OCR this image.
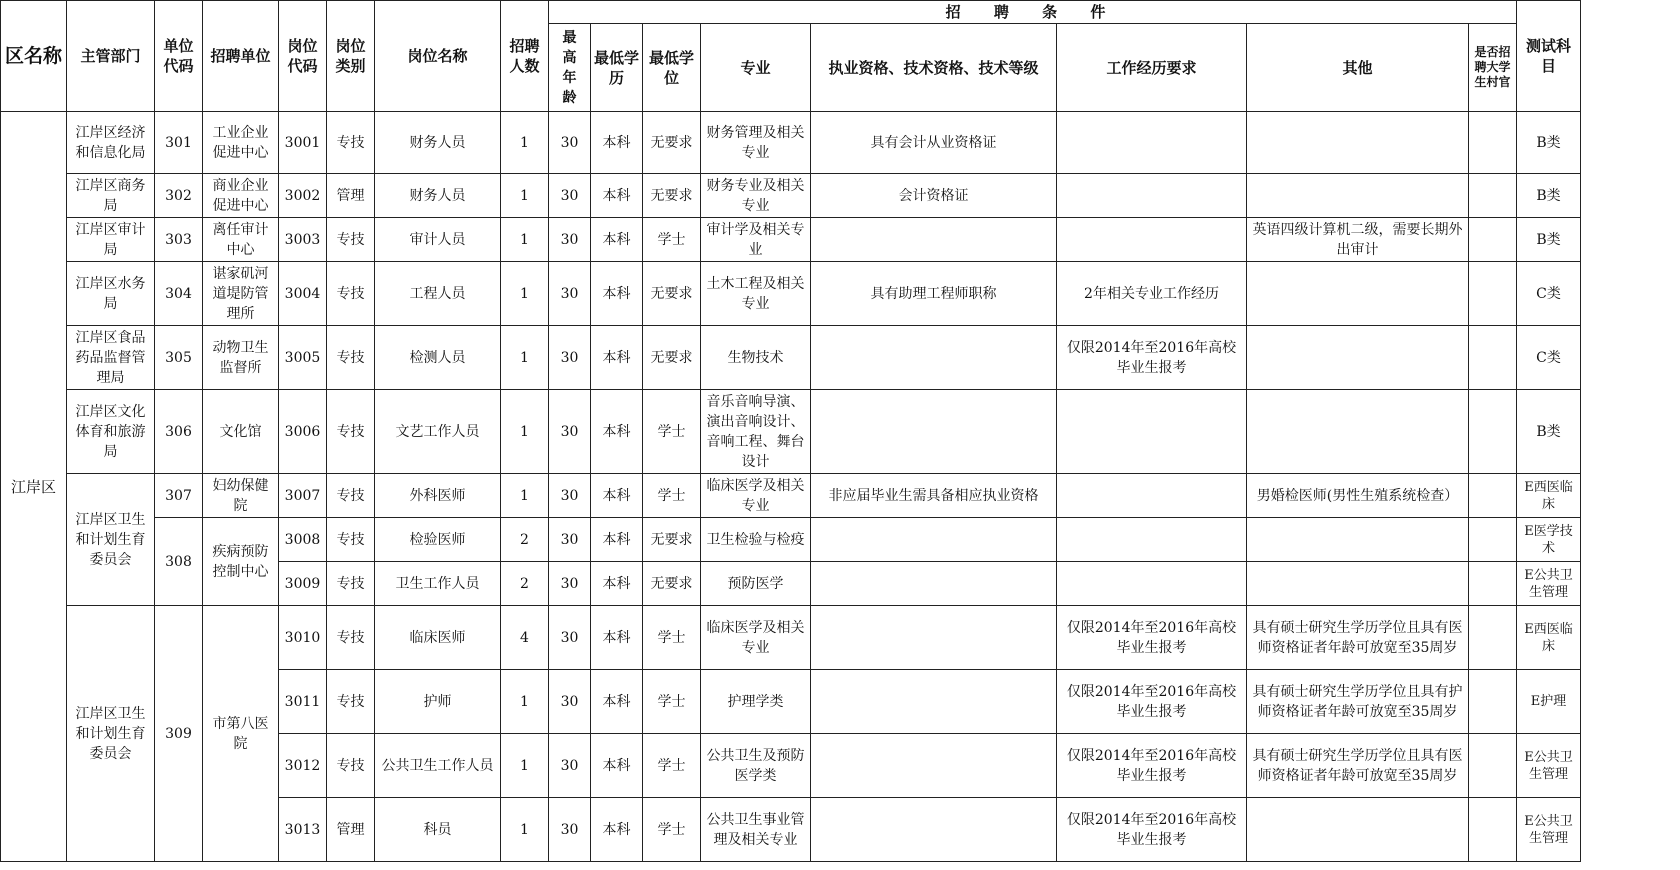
区名称	主管部门	单位代码	招聘单位	岗位代码	岗位类别	岗位名称	招聘人数	招 聘 条 件								测试科目

								最高年龄	最低学历	最低学位	专业	执业资格、技术资格、技术等级	工作经历要求	其他	是否招聘大学生村官	
江岸区	江岸区经济和信息化局	301	工业企业促进中心	3001	专技	财务人员	1	30	本科	无要求	财务管理及相关专业	具有会计从业资格证				B类
	江岸区商务局	302	商业企业促进中心	3002	管理	财务人员	1	30	本科	无要求	财务专业及相关专业	会计资格证				B类
	江岸区审计局	303	离任审计中心	3003	专技	审计人员	1	30	本科	学士	审计学及相关专业			英语四级计算机二级，需要长期外出审计		B类
	江岸区水务局	304	谌家矶河道堤防管理所	3004	专技	工程人员	1	30	本科	无要求	土木工程及相关专业	具有助理工程师职称	2年相关专业工作经历			C类
	江岸区食品药品监督管理局	305	动物卫生监督所	3005	专技	检测人员	1	30	本科	无要求	生物技术		仅限2014年至2016年高校毕业生报考			C类
	江岸区文化体育和旅游局	306	文化馆	3006	专技	文艺工作人员	1	30	本科	学士	音乐音响导演、演出音响设计、音响工程、舞台设计					B类
	江岸区卫生和计划生育委员会	307	妇幼保健院	3007	专技	外科医师	1	30	本科	学士	临床医学及相关专业	非应届毕业生需具备相应执业资格		男婚检医师(男性生殖系统检查）		E西医临床
		308	疾病预防控制中心	3008	专技	检验医师	2	30	本科	无要求	卫生检验与检疫					E医学技术
				3009	专技	卫生工作人员	2	30	本科	无要求	预防医学					E公共卫生管理
	江岸区卫生和计划生育委员会	309	市第八医院	3010	专技	临床医师	4	30	本科	学士	临床医学及相关专业		仅限2014年至2016年高校毕业生报考	具有硕士研究生学历学位且具有医师资格证者年龄可放宽至35周岁		E西医临床
				3011	专技	护师	1	30	本科	学士	护理学类		仅限2014年至2016年高校毕业生报考	具有硕士研究生学历学位且具有护师资格证者年龄可放宽至35周岁		E护理
				3012	专技	公共卫生工作人员	1	30	本科	学士	公共卫生及预防医学类		仅限2014年至2016年高校毕业生报考	具有硕士研究生学历学位且具有医师资格证者年龄可放宽至35周岁		E公共卫生管理
				3013	管理	科员	1	30	本科	学士	公共卫生事业管理及相关专业		仅限2014年至2016年高校毕业生报考			E公共卫生管理
